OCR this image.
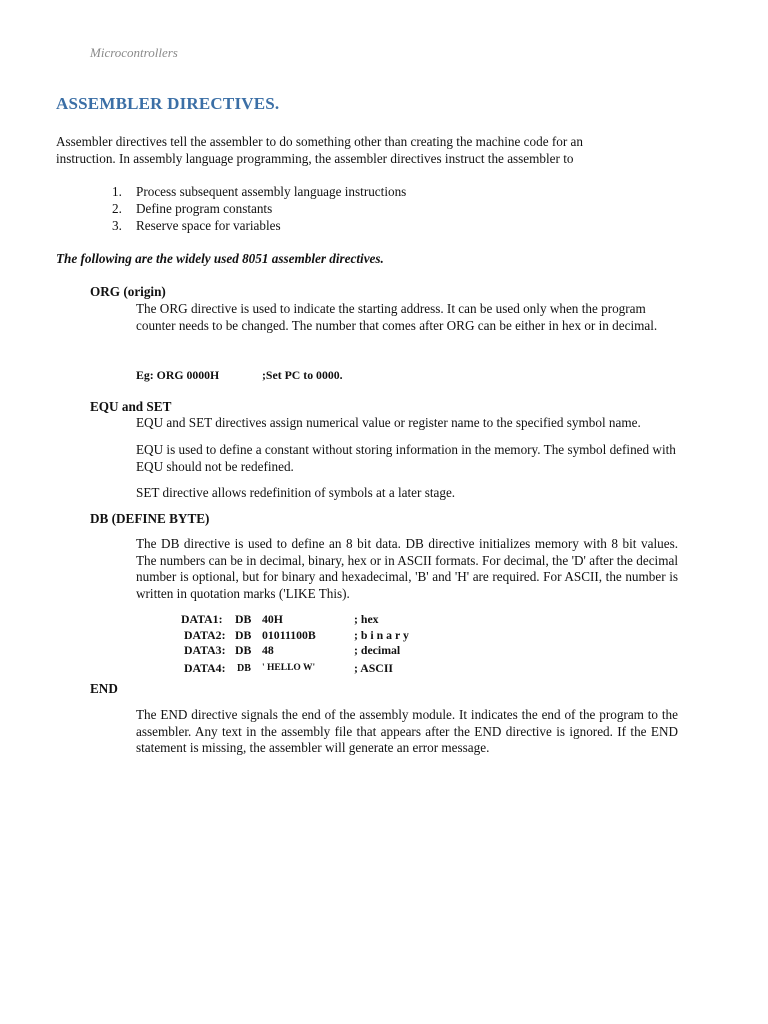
Microcontrollers
ASSEMBLER DIRECTIVES.
Assembler directives tell the assembler to do something other than creating the machine code for an
instruction. In assembly language programming, the assembler directives instruct the assembler to
1.	Process subsequent assembly language instructions
2.	Define program constants
3.	Reserve space for variables
The following are the widely used 8051 assembler directives.
ORG (origin)
The ORG directive is used to indicate the starting address. It can be used only when the program counter needs to be changed. The number that comes after ORG can be either in hex or in decimal.
Eg: ORG 0000H	;Set PC to 0000.
EQU and SET
EQU and SET directives assign numerical value or register name to the specified symbol name.
EQU is used to define a constant without storing information in the memory. The symbol defined with EQU should not be redefined.
SET directive allows redefinition of symbols at a later stage.
DB (DEFINE BYTE)
The DB directive is used to define an 8 bit data. DB directive initializes memory with 8 bit values. The numbers can be in decimal, binary, hex or in ASCII formats. For decimal, the 'D' after the decimal number is optional, but for binary and hexadecimal, 'B' and 'H' are required. For ASCII, the number is written in quotation marks ('LIKE This).
DATA1: DB 40H	; hex
DATA2: DB 01011100B	; b i n a r y
DATA3: DB 48	; decimal
DATA4: DB ' HELLO W'	; ASCII
END
The END directive signals the end of the assembly module. It indicates the end of the program to the assembler. Any text in the assembly file that appears after the END directive is ignored. If the END statement is missing, the assembler will generate an error message.
